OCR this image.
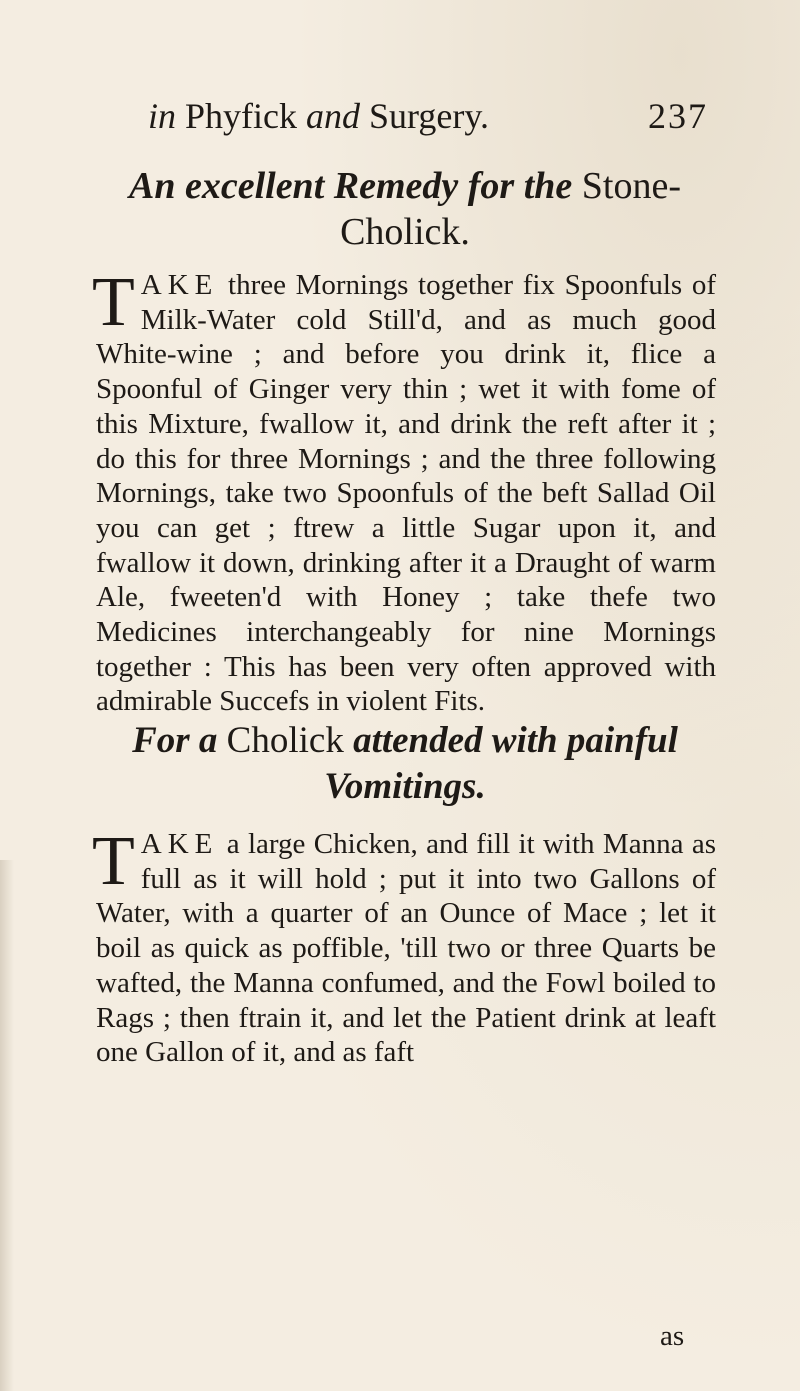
in Phyfick and Surgery.	237
An excellent Remedy for the Stone-
Cholick.

TAKE three Mornings together fix Spoonfuls of Milk-Water cold Still'd, and as much good White-wine ; and before you drink it, flice a Spoonful of Ginger very thin ; wet it with fome of this Mixture, fwallow it, and drink the reft after it ; do this for three Mornings ; and the three following Mornings, take two Spoonfuls of the beft Sallad Oil you can get ; ftrew a little Sugar upon it, and fwallow it down, drinking after it a Draught of warm Ale, fweeten'd with Honey ; take thefe two Medicines interchangeably for nine Mornings together : This has been very often approved with admirable Succefs in violent Fits.

For a Cholick attended with painful
Vomitings.

TAKE a large Chicken, and fill it with Manna as full as it will hold ; put it into two Gallons of Water, with a quarter of an Ounce of Mace ; let it boil as quick as poffible, 'till two or three Quarts be wafted, the Manna confumed, and the Fowl boiled to Rags ; then ftrain it, and let the Patient drink at leaft one Gallon of it, and as faft

as
